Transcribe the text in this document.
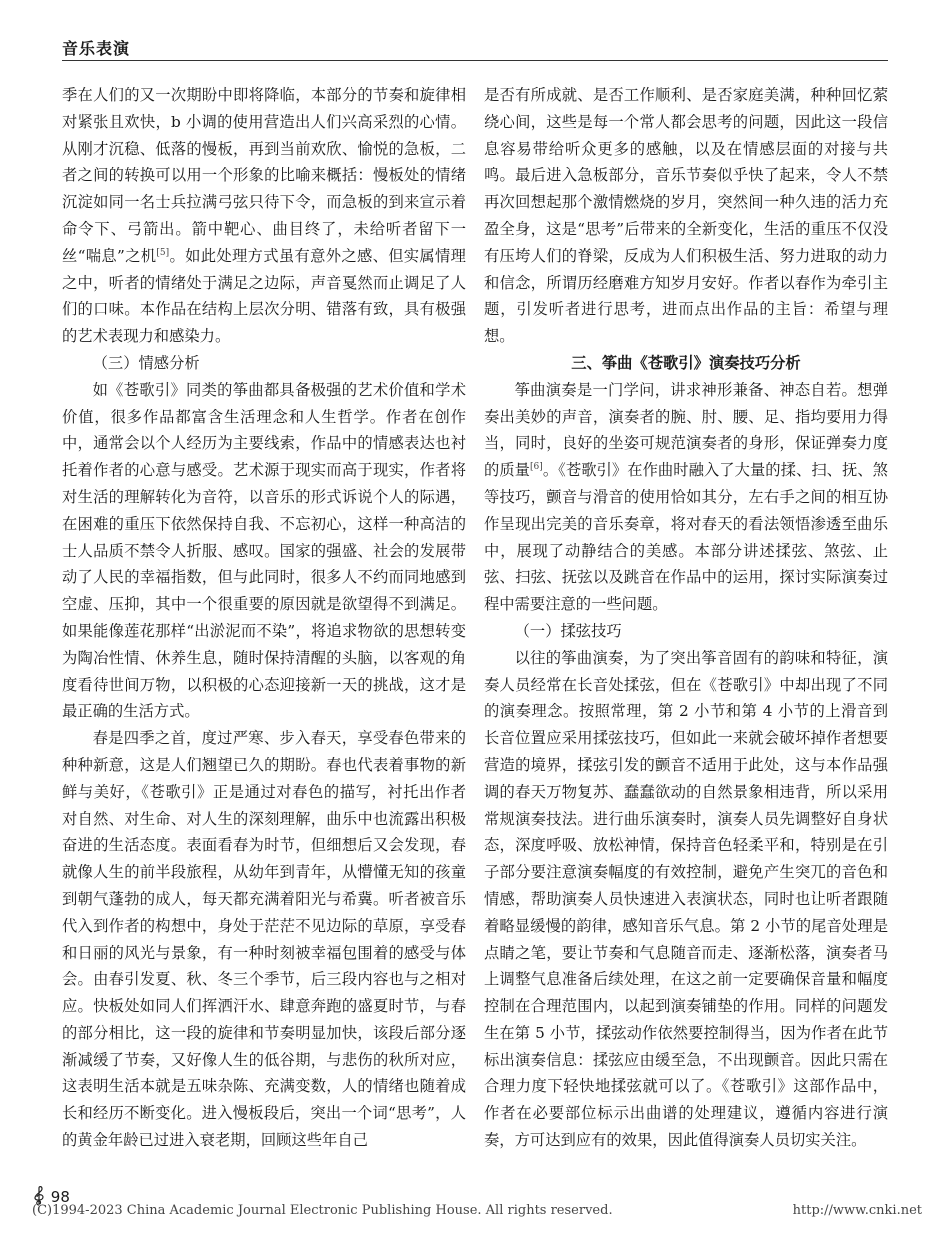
音乐表演

季在人们的又一次期盼中即将降临，本部分的节奏和旋律相对紧张且欢快，b 小调的使用营造出人们兴高采烈的心情。从刚才沉稳、低落的慢板，再到当前欢欣、愉悦的急板，二者之间的转换可以用一个形象的比喻来概括：慢板处的情绪沉淀如同一名士兵拉满弓弦只待下令，而急板的到来宣示着命令下、弓箭出。箭中靶心、曲目终了，未给听者留下一丝“喘息”之机[5]。如此处理方式虽有意外之感、但实属情理之中，听者的情绪处于满足之边际，声音戛然而止调足了人们的口味。本作品在结构上层次分明、错落有致，具有极强的艺术表现力和感染力。

（三）情感分析

如《苍歌引》同类的筝曲都具备极强的艺术价值和学术价值，很多作品都富含生活理念和人生哲学。作者在创作中，通常会以个人经历为主要线索，作品中的情感表达也衬托着作者的心意与感受。艺术源于现实而高于现实，作者将对生活的理解转化为音符，以音乐的形式诉说个人的际遇，在困难的重压下依然保持自我、不忘初心，这样一种高洁的士人品质不禁令人折服、感叹。国家的强盛、社会的发展带动了人民的幸福指数，但与此同时，很多人不约而同地感到空虚、压抑，其中一个很重要的原因就是欲望得不到满足。如果能像莲花那样“出淤泥而不染”，将追求物欲的思想转变为陶冶性情、休养生息，随时保持清醒的头脑，以客观的角度看待世间万物，以积极的心态迎接新一天的挑战，这才是最正确的生活方式。

春是四季之首，度过严寒、步入春天，享受春色带来的种种新意，这是人们翘望已久的期盼。春也代表着事物的新鲜与美好，《苍歌引》正是通过对春色的描写，衬托出作者对自然、对生命、对人生的深刻理解，曲乐中也流露出积极奋进的生活态度。表面看春为时节，但细想后又会发现，春就像人生的前半段旅程，从幼年到青年，从懵懂无知的孩童到朝气蓬勃的成人，每天都充满着阳光与希冀。听者被音乐代入到作者的构想中，身处于茫茫不见边际的草原，享受春和日丽的风光与景象，有一种时刻被幸福包围着的感受与体会。由春引发夏、秋、冬三个季节，后三段内容也与之相对应。快板处如同人们挥洒汗水、肆意奔跑的盛夏时节，与春的部分相比，这一段的旋律和节奏明显加快，该段后部分逐渐减缓了节奏，又好像人生的低谷期，与悲伤的秋所对应，这表明生活本就是五味杂陈、充满变数，人的情绪也随着成长和经历不断变化。进入慢板段后，突出一个词“思考”，人的黄金年龄已过进入衰老期，回顾这些年自己

是否有所成就、是否工作顺利、是否家庭美满，种种回忆萦绕心间，这些是每一个常人都会思考的问题，因此这一段信息容易带给听众更多的感触，以及在情感层面的对接与共鸣。最后进入急板部分，音乐节奏似乎快了起来，令人不禁再次回想起那个激情燃烧的岁月，突然间一种久违的活力充盈全身，这是“思考”后带来的全新变化，生活的重压不仅没有压垮人们的脊梁，反成为人们积极生活、努力进取的动力和信念，所谓历经磨难方知岁月安好。作者以春作为牵引主题，引发听者进行思考，进而点出作品的主旨：希望与理想。

三、筝曲《苍歌引》演奏技巧分析

筝曲演奏是一门学问，讲求神形兼备、神态自若。想弹奏出美妙的声音，演奏者的腕、肘、腰、足、指均要用力得当，同时，良好的坐姿可规范演奏者的身形，保证弹奏力度的质量[6]。《苍歌引》在作曲时融入了大量的揉、扫、抚、煞等技巧，颤音与滑音的使用恰如其分，左右手之间的相互协作呈现出完美的音乐奏章，将对春天的看法领悟渗透至曲乐中，展现了动静结合的美感。本部分讲述揉弦、煞弦、止弦、扫弦、抚弦以及跳音在作品中的运用，探讨实际演奏过程中需要注意的一些问题。

（一）揉弦技巧

以往的筝曲演奏，为了突出筝音固有的韵味和特征，演奏人员经常在长音处揉弦，但在《苍歌引》中却出现了不同的演奏理念。按照常理，第 2 小节和第 4 小节的上滑音到长音位置应采用揉弦技巧，但如此一来就会破坏掉作者想要营造的境界，揉弦引发的颤音不适用于此处，这与本作品强调的春天万物复苏、蠢蠢欲动的自然景象相违背，所以采用常规演奏技法。进行曲乐演奏时，演奏人员先调整好自身状态，深度呼吸、放松神情，保持音色轻柔平和，特别是在引子部分要注意演奏幅度的有效控制，避免产生突兀的音色和情感，帮助演奏人员快速进入表演状态，同时也让听者跟随着略显缓慢的韵律，感知音乐气息。第 2 小节的尾音处理是点睛之笔，要让节奏和气息随音而走、逐渐松落，演奏者马上调整气息准备后续处理，在这之前一定要确保音量和幅度控制在合理范围内，以起到演奏铺垫的作用。同样的问题发生在第 5 小节，揉弦动作依然要控制得当，因为作者在此节标出演奏信息：揉弦应由缓至急，不出现颤音。因此只需在合理力度下轻快地揉弦就可以了。《苍歌引》这部作品中，作者在必要部位标示出曲谱的处理建议，遵循内容进行演奏，方可达到应有的效果，因此值得演奏人员切实关注。

98
(C)1994-2023 China Academic Journal Electronic Publishing House. All rights reserved.	http://www.cnki.net
